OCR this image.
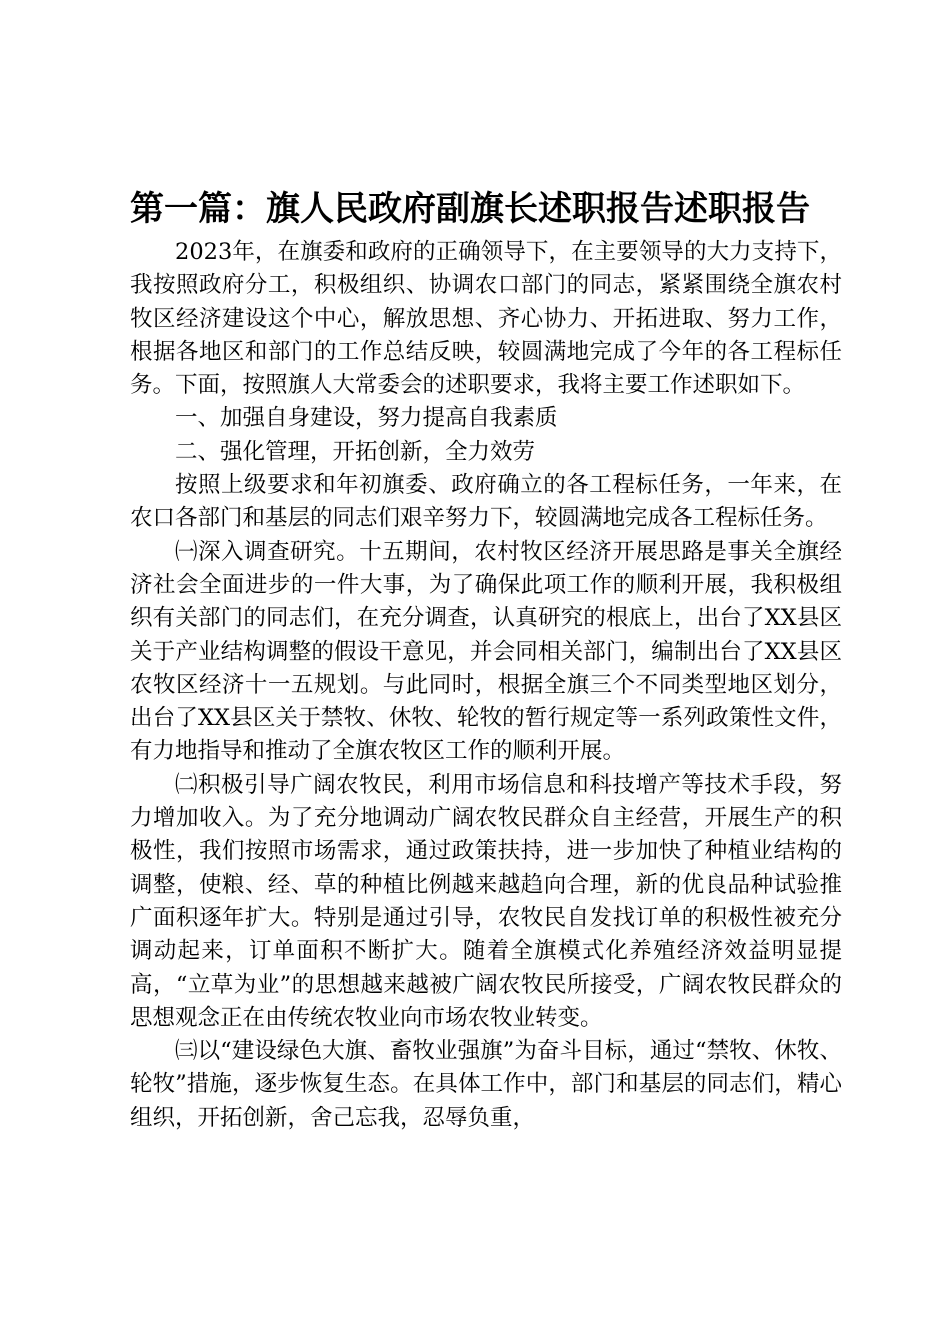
第一篇：旗人民政府副旗长述职报告述职报告

2023年，在旗委和政府的正确领导下，在主要领导的大力支持下，我按照政府分工，积极组织、协调农口部门的同志，紧紧围绕全旗农村牧区经济建设这个中心，解放思想、齐心协力、开拓进取、努力工作，根据各地区和部门的工作总结反映，较圆满地完成了今年的各工程标任务。下面，按照旗人大常委会的述职要求，我将主要工作述职如下。

一、加强自身建设，努力提高自我素质

二、强化管理，开拓创新，全力效劳

按照上级要求和年初旗委、政府确立的各工程标任务，一年来，在农口各部门和基层的同志们艰辛努力下，较圆满地完成各工程标任务。

㈠深入调查研究。十五期间，农村牧区经济开展思路是事关全旗经济社会全面进步的一件大事，为了确保此项工作的顺利开展，我积极组织有关部门的同志们，在充分调查，认真研究的根底上，出台了XX县区关于产业结构调整的假设干意见，并会同相关部门，编制出台了XX县区农牧区经济十一五规划。与此同时，根据全旗三个不同类型地区划分，出台了XX县区关于禁牧、休牧、轮牧的暂行规定等一系列政策性文件，有力地指导和推动了全旗农牧区工作的顺利开展。

㈡积极引导广阔农牧民，利用市场信息和科技增产等技术手段，努力增加收入。为了充分地调动广阔农牧民群众自主经营，开展生产的积极性，我们按照市场需求，通过政策扶持，进一步加快了种植业结构的调整，使粮、经、草的种植比例越来越趋向合理，新的优良品种试验推广面积逐年扩大。特别是通过引导，农牧民自发找订单的积极性被充分调动起来，订单面积不断扩大。随着全旗模式化养殖经济效益明显提高，“立草为业”的思想越来越被广阔农牧民所接受，广阔农牧民群众的思想观念正在由传统农牧业向市场农牧业转变。

㈢以“建设绿色大旗、畜牧业强旗”为奋斗目标，通过“禁牧、休牧、轮牧”措施，逐步恢复生态。在具体工作中，部门和基层的同志们，精心组织，开拓创新，舍己忘我，忍辱负重，
